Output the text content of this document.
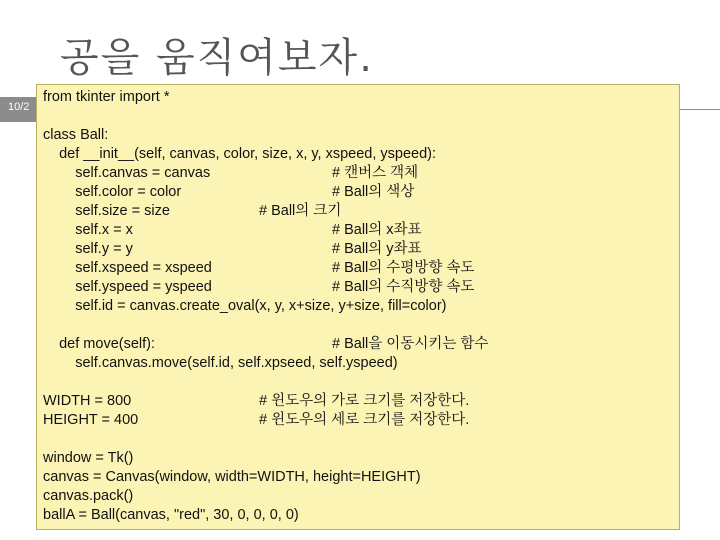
공을 움직여보자.
10/2
from tkinter import *
class Ball:
def __init__(self, canvas, color, size, x, y, xspeed, yspeed):
self.canvas = canvas	# 캔버스 객체
self.color = color	# Ball의 색상
self.size = size	# Ball의 크기
self.x = x	# Ball의 x좌표
self.y = y	# Ball의 y좌표
self.xspeed = xspeed	# Ball의 수평방향 속도
self.yspeed = yspeed	# Ball의 수직방향 속도
self.id = canvas.create_oval(x, y, x+size, y+size, fill=color)
def move(self):	# Ball을 이동시키는 함수
self.canvas.move(self.id, self.xpseed, self.yspeed)
WIDTH = 800	# 윈도우의 가로 크기를 저장한다.
HEIGHT = 400	# 윈도우의 세로 크기를 저장한다.
window = Tk()
canvas = Canvas(window, width=WIDTH, height=HEIGHT)
canvas.pack()
ballA = Ball(canvas, "red", 30, 0, 0, 0, 0)
